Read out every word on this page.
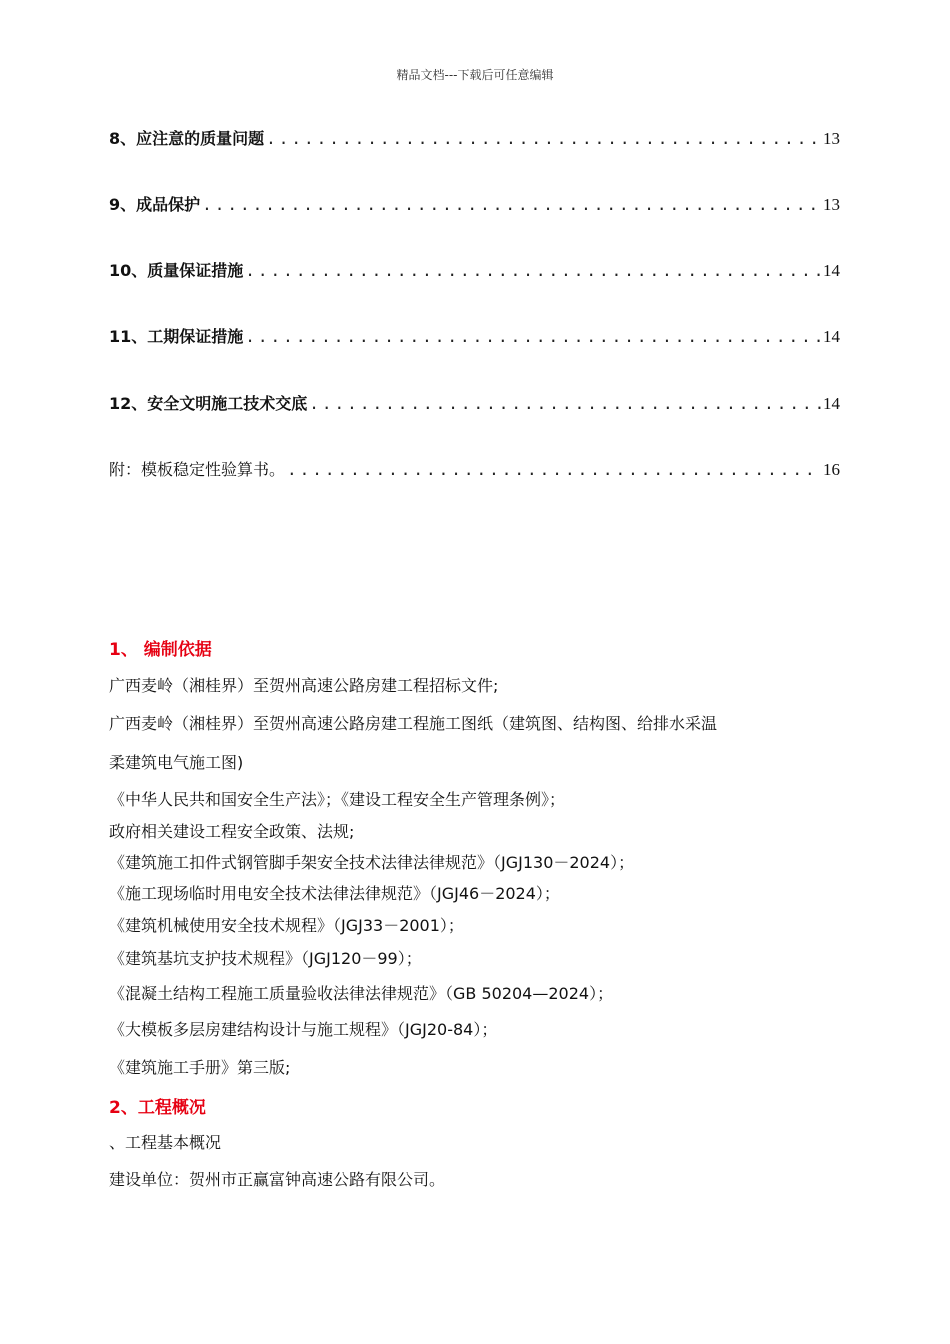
精品文档---下载后可任意编辑
8、应注意的质量问题 .....	13
9、成品保护 .....	13
10、质量保证措施 .....	14
11、工期保证措施 .....	14
12、安全文明施工技术交底 .....	14
附：模板稳定性验算书。 .....	16
1、 编制依据
广西麦岭（湘桂界）至贺州高速公路房建工程招标文件;
广西麦岭（湘桂界）至贺州高速公路房建工程施工图纸（建筑图、结构图、给排水采温
柔建筑电气施工图)
《中华人民共和国安全生产法》；《建设工程安全生产管理条例》；
政府相关建设工程安全政策、法规;
《建筑施工扣件式钢管脚手架安全技术法律法律规范》（JGJ130－2024）；
《施工现场临时用电安全技术法律法律规范》（JGJ46－2024）；
《建筑机械使用安全技术规程》（JGJ33－2001）；
《建筑基坑支护技术规程》（JGJ120－99）；
《混凝土结构工程施工质量验收法律法律规范》（GB 50204—2024）；
《大模板多层房建结构设计与施工规程》（JGJ20-84）；
《建筑施工手册》第三版;
2、工程概况
、工程基本概况
建设单位：贺州市正赢富钟高速公路有限公司。
